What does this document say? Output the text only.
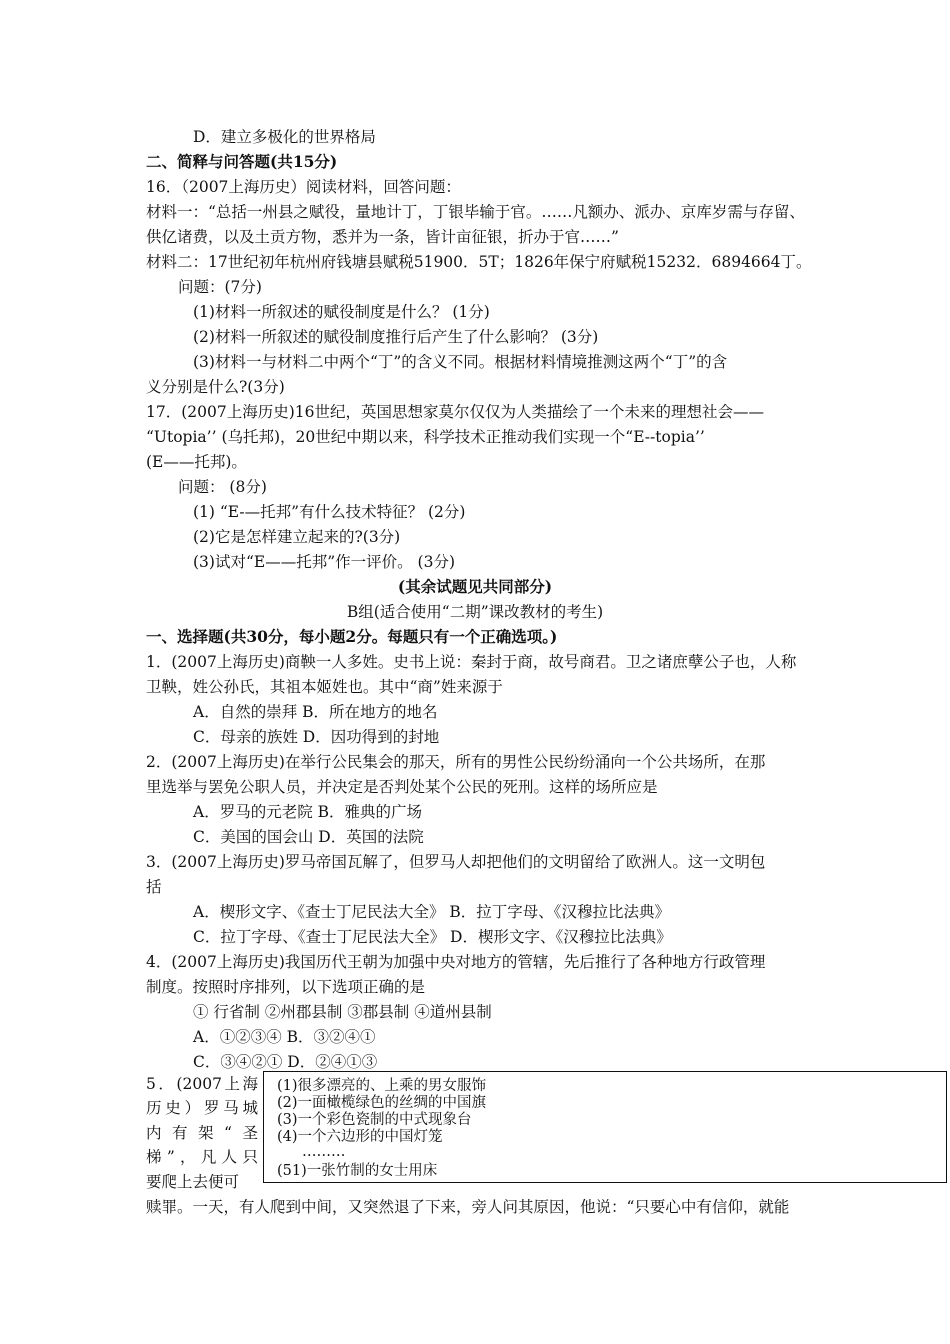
D．建立多极化的世界格局
二、简释与问答题(共15分)
16．（2007上海历史）阅读材料，回答问题：
材料一：“总括一州县之赋役，量地计丁，丁银毕输于官。……凡额办、派办、京库岁需与存留、
供亿诸费，以及土贡方物，悉并为一条，皆计亩征银，折办于官……”
材料二：17世纪初年杭州府钱塘县赋税51900．5T；1826年保宁府赋税15232．6894664丁。
问题：(7分)
(1)材料一所叙述的赋役制度是什么？ (1分)
(2)材料一所叙述的赋役制度推行后产生了什么影响？ (3分)
(3)材料一与材料二中两个“丁”的含义不同。根据材料情境推测这两个“丁”的含
义分别是什么?(3分)
17．(2007上海历史)16世纪，英国思想家莫尔仅仅为人类描绘了一个未来的理想社会——
“Utopia’’ (乌托邦)，20世纪中期以来，科学技术正推动我们实现一个“E--topia’’
(E——托邦)。
问题： (8分)
(1) “E-—托邦”有什么技术特征？ (2分)
(2)它是怎样建立起来的?(3分)
(3)试对“E——托邦”作一评价。 (3分)
(其余试题见共同部分)
B组(适合使用“二期”课改教材的考生)
一、选择题(共30分，每小题2分。每题只有一个正确选项。)
1．(2007上海历史)商鞅一人多姓。史书上说：秦封于商，故号商君。卫之诸庶孽公子也，人称
卫鞅，姓公孙氏，其祖本姬姓也。其中“商”姓来源于
A．自然的崇拜 B．所在地方的地名
C．母亲的族姓 D．因功得到的封地
2．(2007上海历史)在举行公民集会的那天，所有的男性公民纷纷涌向一个公共场所，在那
里选举与罢免公职人员，并决定是否判处某个公民的死刑。这样的场所应是
A．罗马的元老院 B．雅典的广场
C．美国的国会山 D．英国的法院
3．(2007上海历史)罗马帝国瓦解了，但罗马人却把他们的文明留给了欧洲人。这一文明包
括
A．楔形文字、《查士丁尼民法大全》 B．拉丁字母、《汉穆拉比法典》
C．拉丁字母、《查士丁尼民法大全》 D．楔形文字、《汉穆拉比法典》
4．(2007上海历史)我国历代王朝为加强中央对地方的管辖，先后推行了各种地方行政管理
制度。按照时序排列，以下选项正确的是
① 行省制 ②州郡县制 ③郡县制 ④道州县制
A．①②③④ B．③②④①
C．③④②① D．②④①③
5．(2007上海
历史）罗马城
内有架“圣
梯”，凡人只
要爬上去便可
(1)很多漂亮的、上乘的男女服饰
(2)一面橄榄绿色的丝绸的中国旗
(3)一个彩色瓷制的中式现象台
(4)一个六边形的中国灯笼
………
(51)一张竹制的女士用床
赎罪。一天，有人爬到中间，又突然退了下来，旁人问其原因，他说：“只要心中有信仰，就能
